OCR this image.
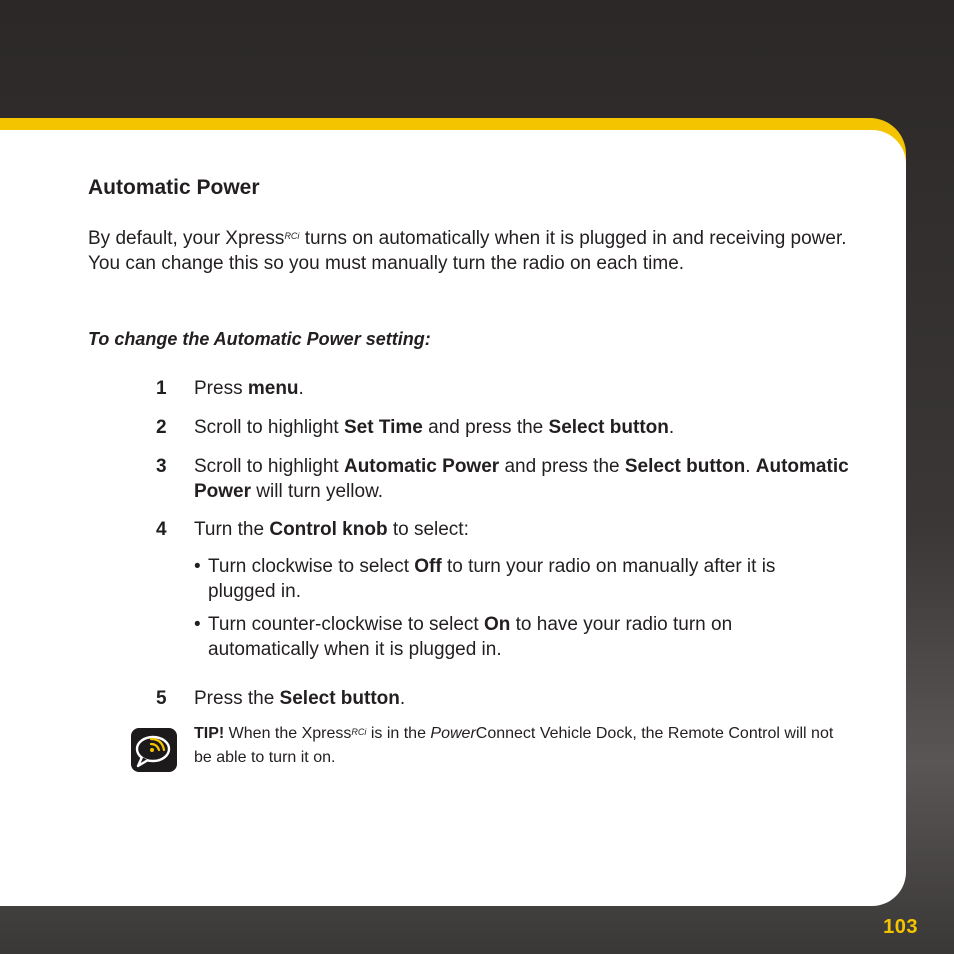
Automatic Power

By default, your Xpress$^{RCi}$ turns on automatically when it is plugged in and receiving power. You can change this so you must manually turn the radio on each time.

To change the Automatic Power setting:

1 Press menu.
2 Scroll to highlight Set Time and press the Select button.
3 Scroll to highlight Automatic Power and press the Select button. Automatic Power will turn yellow.
4 Turn the Control knob to select:
• Turn clockwise to select Off to turn your radio on manually after it is plugged in.
• Turn counter-clockwise to select On to have your radio turn on automatically when it is plugged in.
5 Press the Select button.
TIP! When the Xpress$^{RCi}$ is in the PowerConnect Vehicle Dock, the Remote Control will not be able to turn it on.
103
